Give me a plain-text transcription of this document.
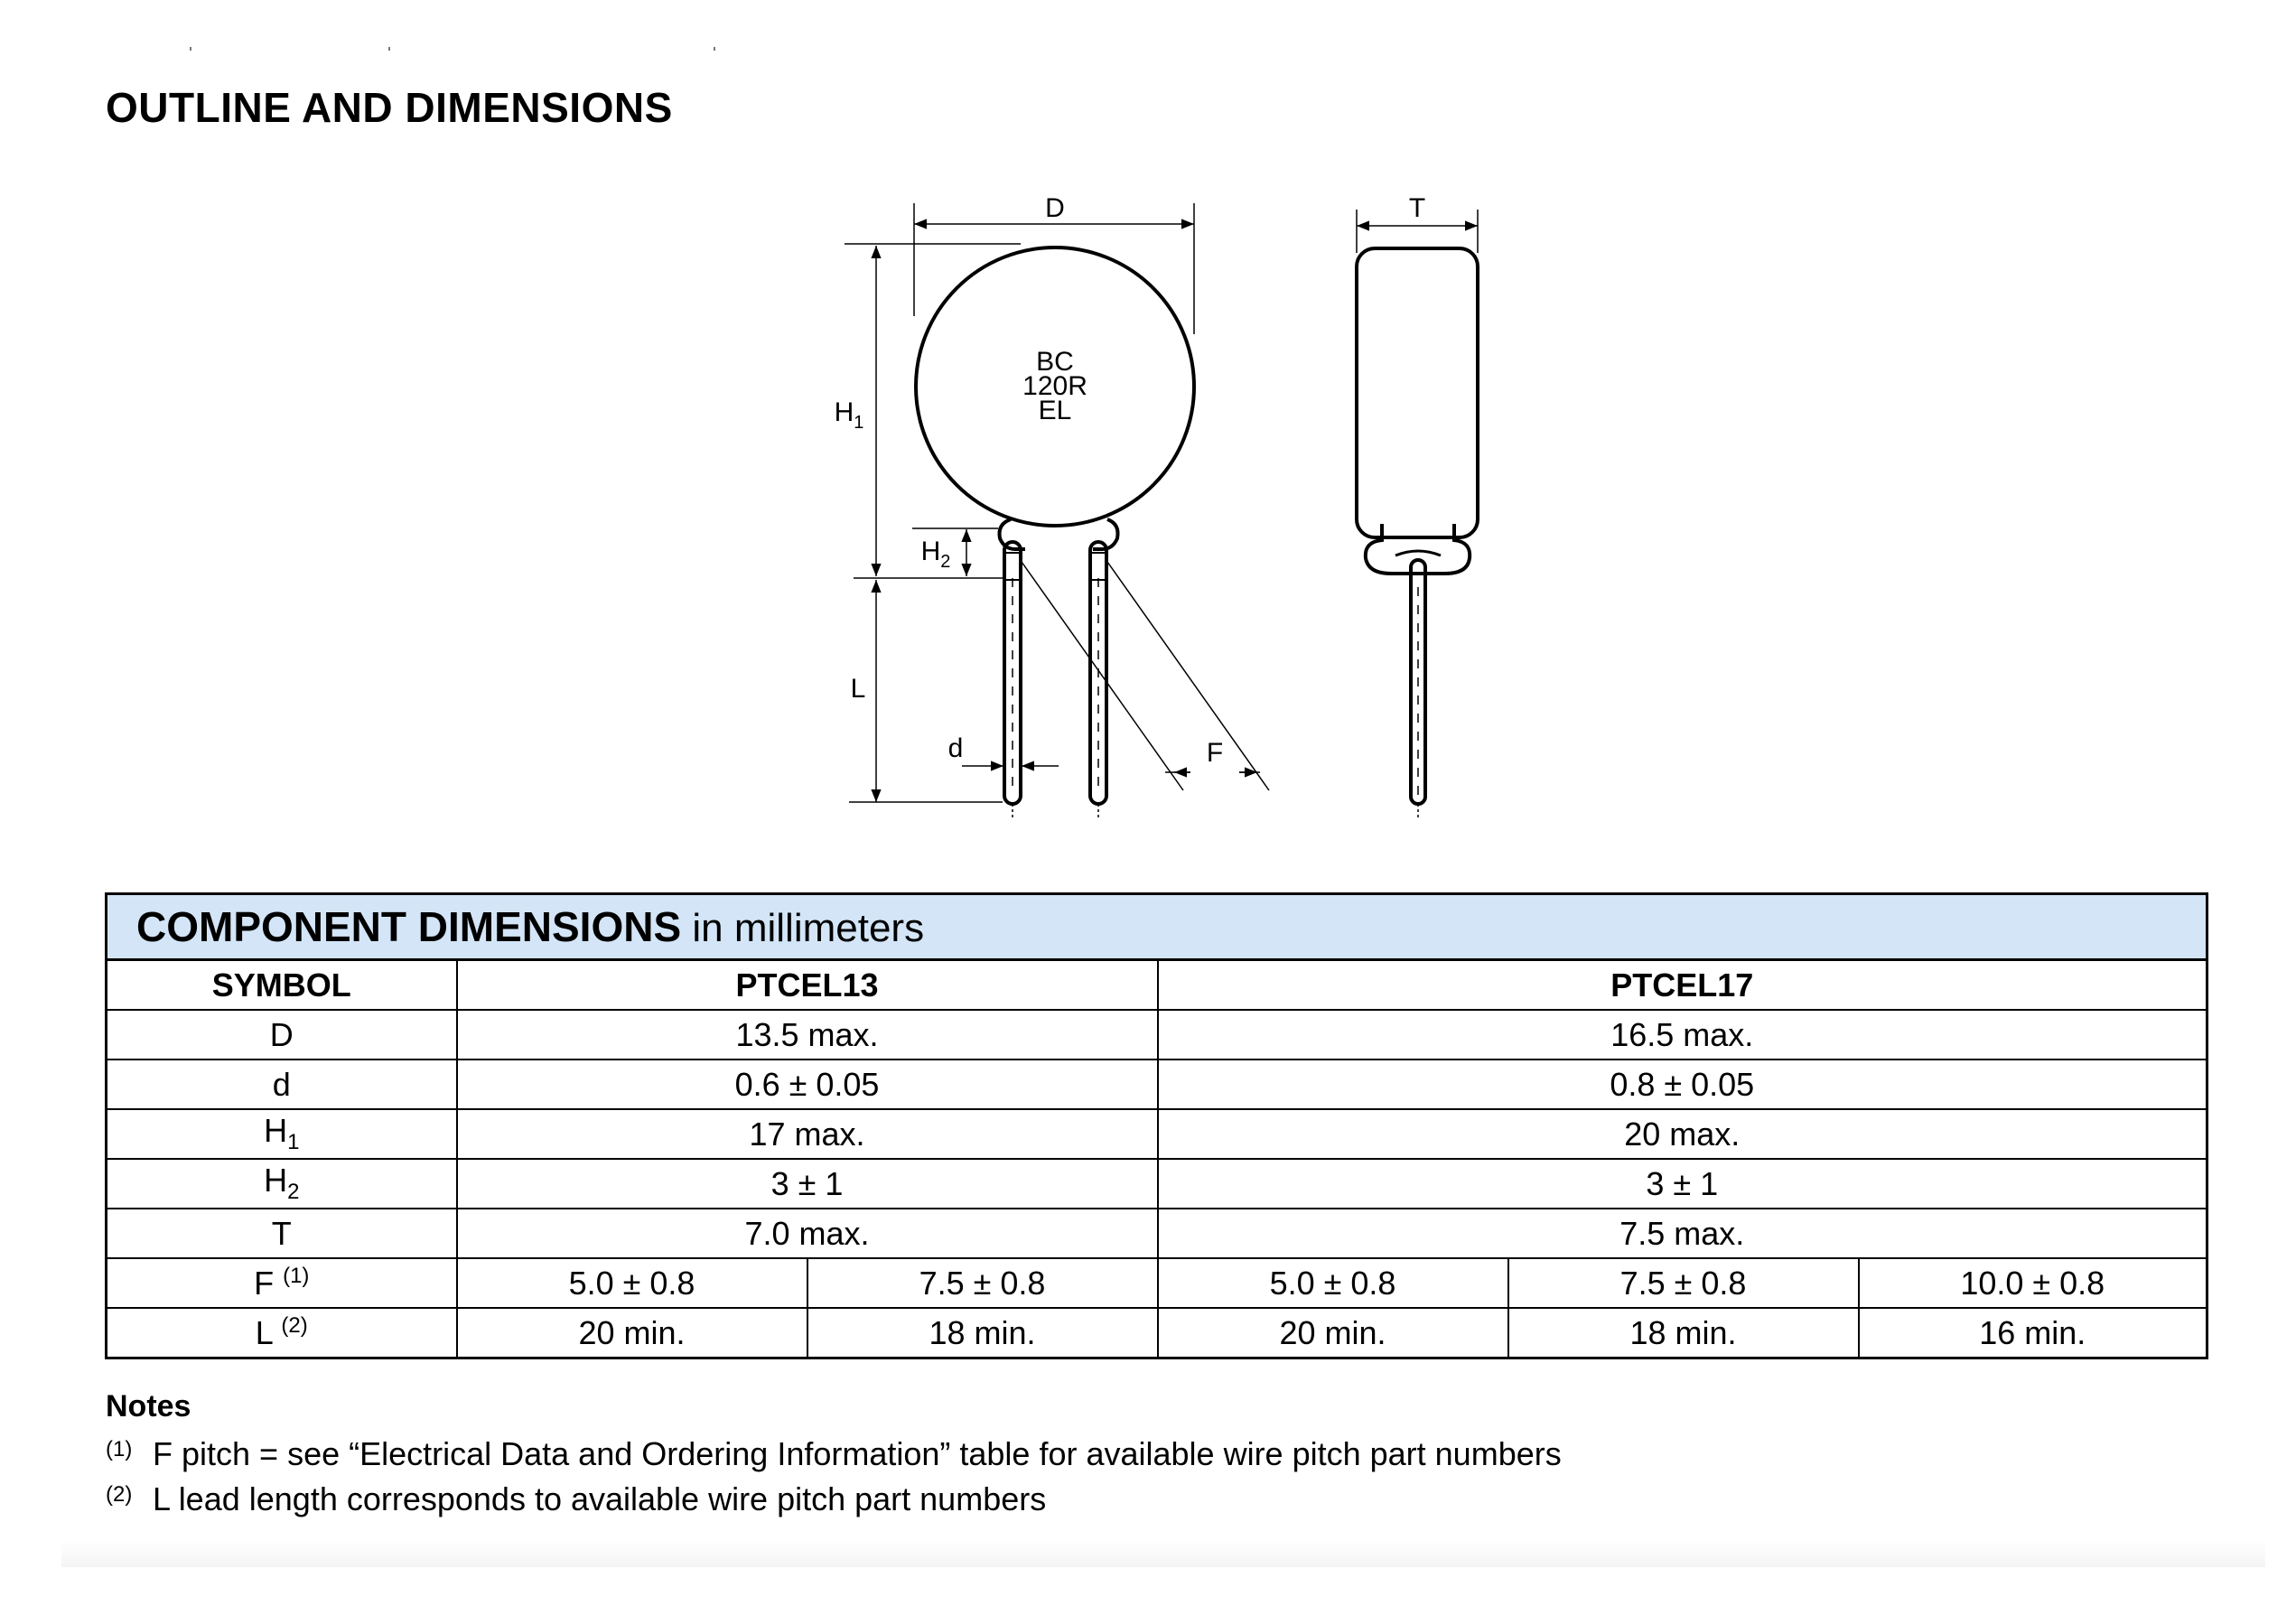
OUTLINE AND DIMENSIONS
BC
120R
EL
D	T
$H_1$
$H_2$
L
d	F
COMPONENT DIMENSIONS in millimeters					
SYMBOL	PTCEL13		PTCEL17		
D	13.5 max.		16.5 max.		
d	0.6 ± 0.05		0.8 ± 0.05		
$H_1$	17 max.		20 max.		
$H_2$	3 ± 1		3 ± 1		
T	7.0 max.		7.5 max.		
F $^{(1)}$	5.0 ± 0.8	7.5 ± 0.8	5.0 ± 0.8	7.5 ± 0.8	10.0 ± 0.8
L $^{(2)}$	20 min.	18 min.	20 min.	18 min.	16 min.

Notes

(1) F pitch = see “Electrical Data and Ordering Information” table for available wire pitch part numbers
(2) L lead length corresponds to available wire pitch part numbers
